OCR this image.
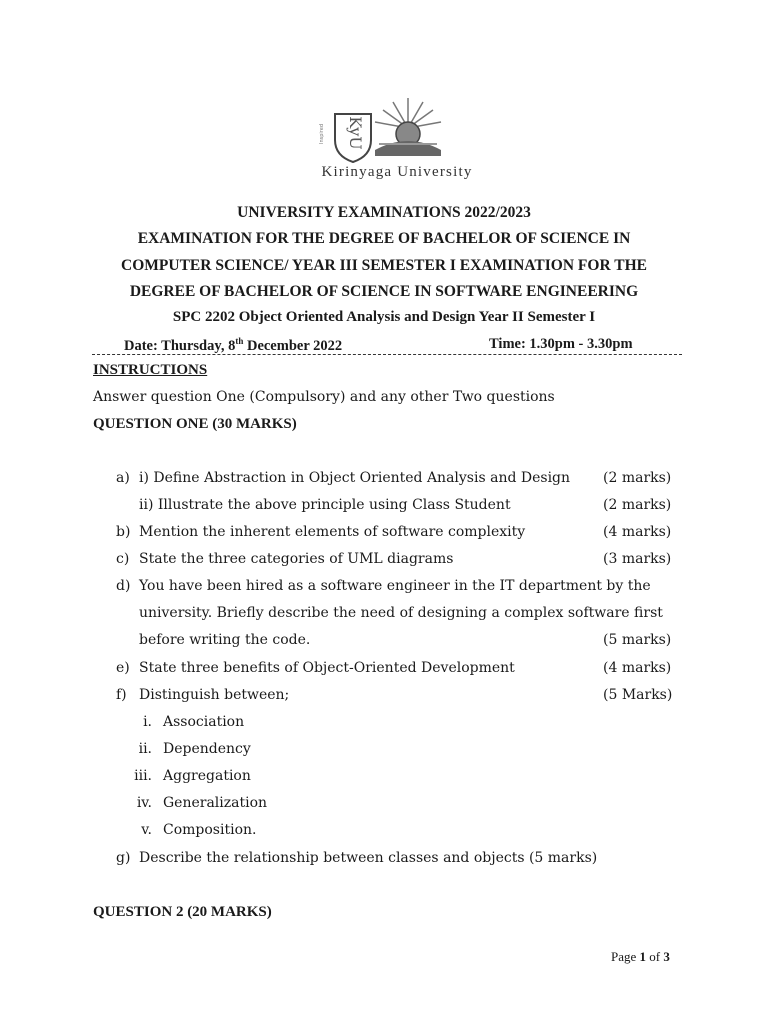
KyU
Inspired
Kirinyaga University
UNIVERSITY EXAMINATIONS 2022/2023
EXAMINATION FOR THE DEGREE OF BACHELOR OF SCIENCE IN
COMPUTER SCIENCE/ YEAR III SEMESTER I EXAMINATION FOR THE
DEGREE OF BACHELOR OF SCIENCE IN SOFTWARE ENGINEERING
SPC 2202 Object Oriented Analysis and Design Year II Semester I
Date: Thursday, 8th December 2022	Time: 1.30pm - 3.30pm
INSTRUCTIONS
Answer question One (Compulsory) and any other Two questions
QUESTION ONE (30 MARKS)
a) i) Define Abstraction in Object Oriented Analysis and Design (2 marks)
ii) Illustrate the above principle using Class Student	(2 marks)
b) Mention the inherent elements of software complexity	(4 marks)
c) State the three categories of UML diagrams	(3 marks)
d) You have been hired as a software engineer in the IT department by the
university. Briefly describe the need of designing a complex software first
before writing the code.	(5 marks)
e) State three benefits of Object-Oriented Development	(4 marks)
f) Distinguish between;	(5 Marks)
i. Association
ii. Dependency
iii. Aggregation
iv. Generalization
v. Composition.
g) Describe the relationship between classes and objects (5 marks)
QUESTION 2 (20 MARKS)
Page 1 of 3
